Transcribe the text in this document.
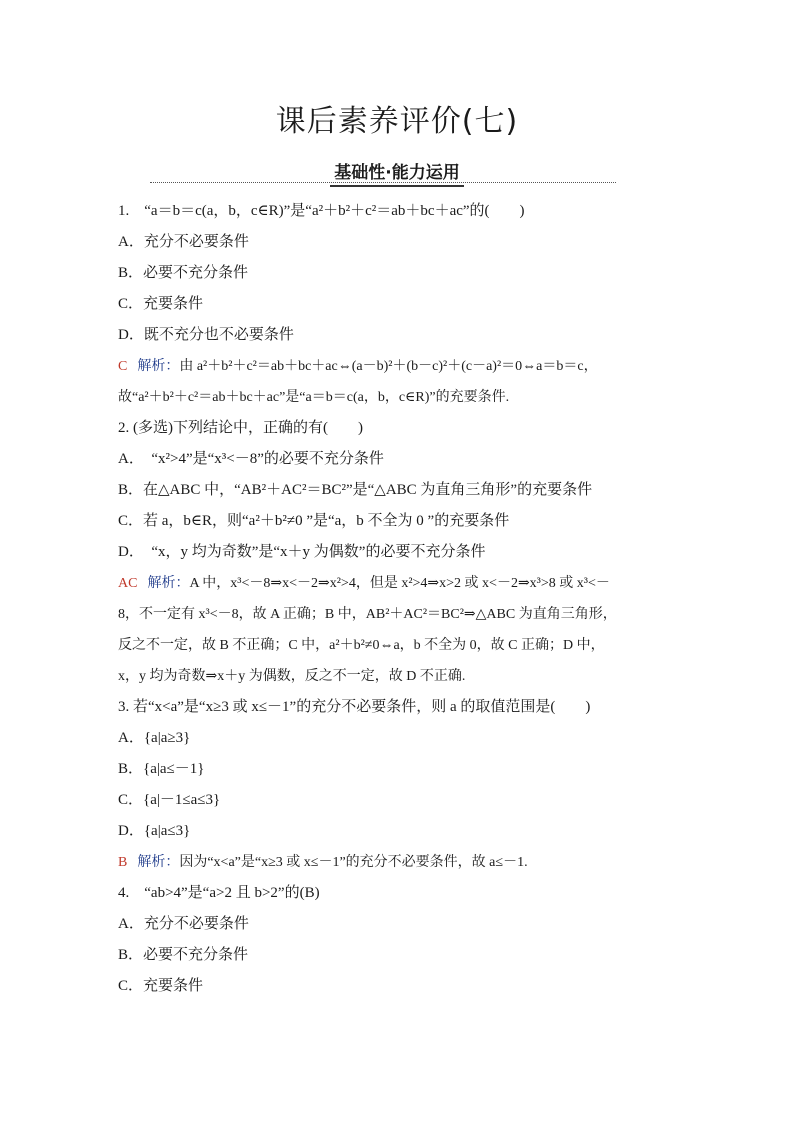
课后素养评价(七)
基础性·能力运用
1.　“a＝b＝c(a，b，c∈R)”是“a²＋b²＋c²＝ab＋bc＋ac”的(　　)
A．充分不必要条件
B．必要不充分条件
C．充要条件
D．既不充分也不必要条件
C 解析：由 a²＋b²＋c²＝ab＋bc＋ac⇔(a－b)²＋(b－c)²＋(c－a)²＝0⇔a＝b＝c，
故“a²＋b²＋c²＝ab＋bc＋ac”是“a＝b＝c(a，b，c∈R)”的充要条件.
2. (多选)下列结论中，正确的有(　　)
A．　“x²>4”是“x³<－8”的必要不充分条件
B．在△ABC 中，“AB²＋AC²＝BC²”是“△ABC 为直角三角形”的充要条件
C．若 a，b∈R，则“a²＋b²≠0 ”是“a，b 不全为 0 ”的充要条件
D．　“x，y 均为奇数”是“x＋y 为偶数”的必要不充分条件
AC 解析：A 中，x³<－8⇒x<－2⇒x²>4，但是 x²>4⇒x>2 或 x<－2⇒x³>8 或 x³<－
8，不一定有 x³<－8，故 A 正确；B 中，AB²＋AC²＝BC²⇒△ABC 为直角三角形，
反之不一定，故 B 不正确；C 中，a²＋b²≠0⇔a，b 不全为 0，故 C 正确；D 中，
x，y 均为奇数⇒x＋y 为偶数，反之不一定，故 D 不正确.
3. 若“x<a”是“x≥3 或 x≤－1”的充分不必要条件，则 a 的取值范围是(　　)
A．{a|a≥3}
B．{a|a≤－1}
C．{a|－1≤a≤3}
D．{a|a≤3}
B 解析：因为“x<a”是“x≥3 或 x≤－1”的充分不必要条件，故 a≤－1.
4.　“ab>4”是“a>2 且 b>2”的(B)
A．充分不必要条件
B．必要不充分条件
C．充要条件
